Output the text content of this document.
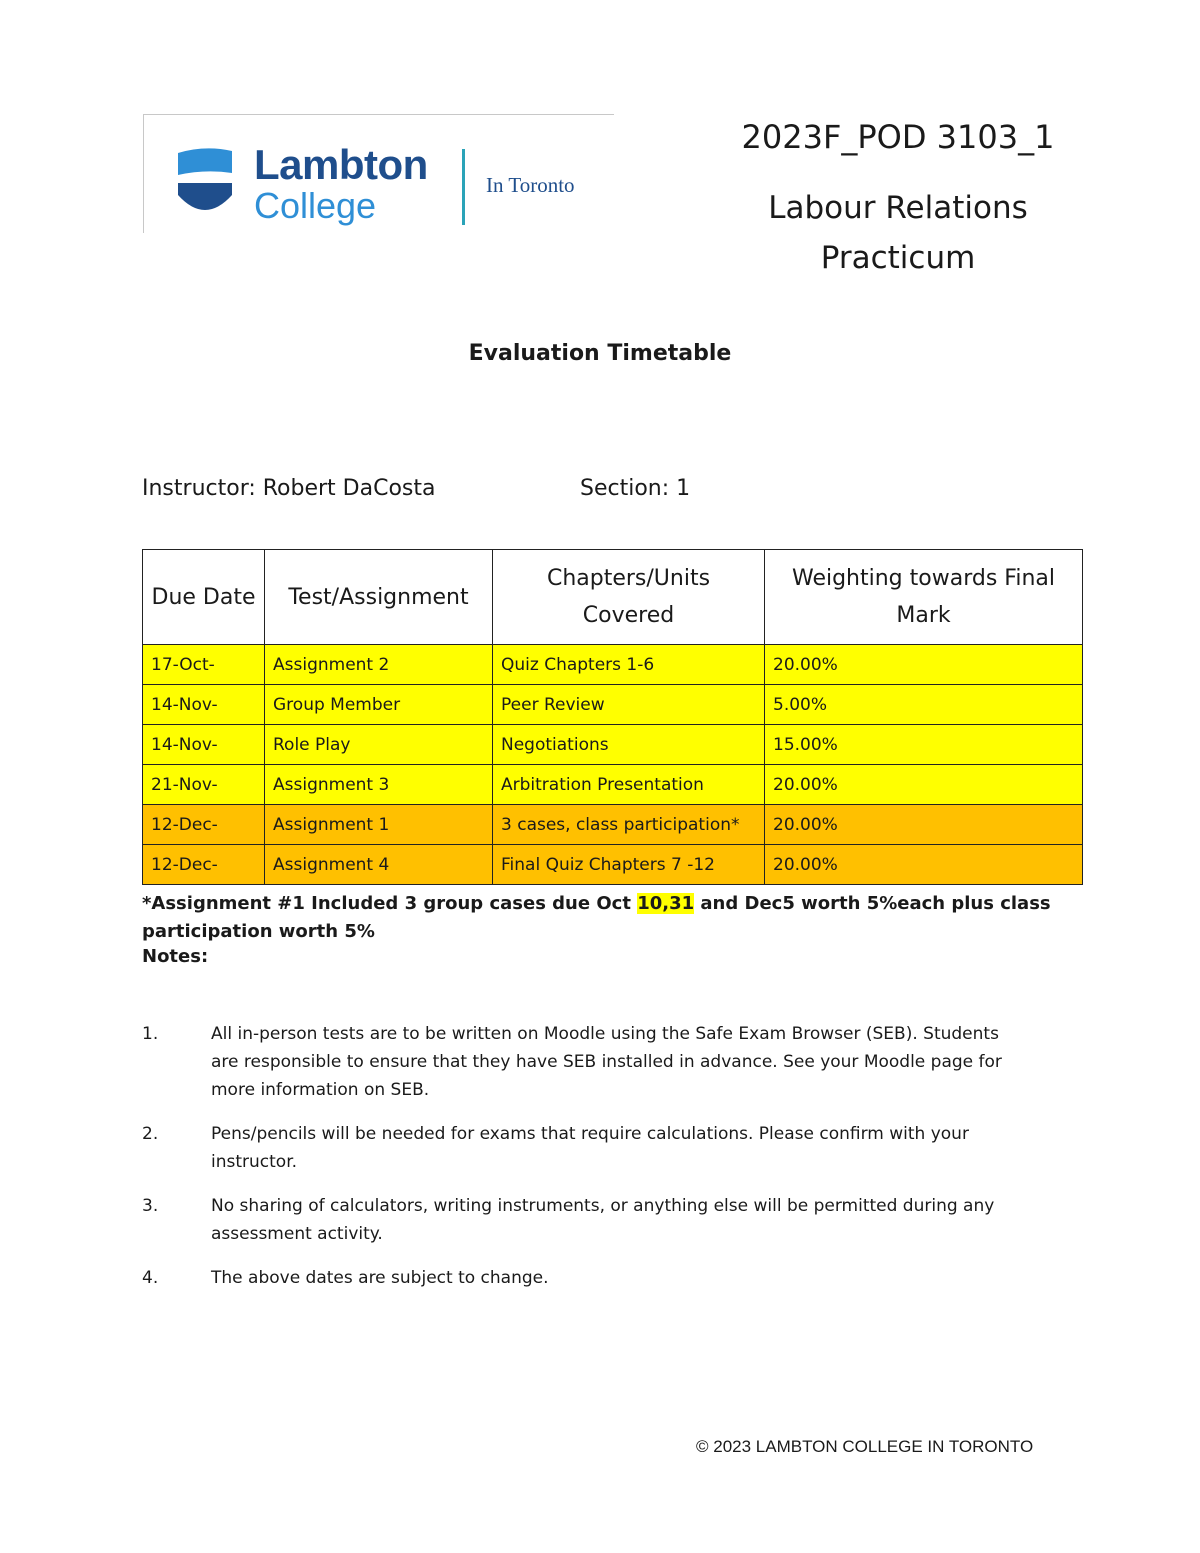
Lambton
College	In Toronto
2023F_POD 3103_1
Labour Relations
Practicum
Evaluation Timetable
Instructor: Robert DaCosta	Section: 1
Due Date	Test/Assignment	Chapters/Units Covered	Weighting towards Final Mark
17-Oct-	Assignment 2	Quiz Chapters 1-6	20.00%
14-Nov-	Group Member	Peer Review	5.00%
14-Nov-	Role Play	Negotiations	15.00%
21-Nov-	Assignment 3	Arbitration Presentation	20.00%
12-Dec-	Assignment 1	3 cases, class participation*	20.00%
12-Dec-	Assignment 4	Final Quiz Chapters 7 -12	20.00%
*Assignment #1 Included 3 group cases due Oct 10,31 and Dec5 worth 5%each plus class participation worth 5%
Notes:
1.	All in-person tests are to be written on Moodle using the Safe Exam Browser (SEB). Students are responsible to ensure that they have SEB installed in advance. See your Moodle page for more information on SEB.
2.	Pens/pencils will be needed for exams that require calculations. Please confirm with your instructor.
3.	No sharing of calculators, writing instruments, or anything else will be permitted during any assessment activity.
4.	The above dates are subject to change.
© 2023 LAMBTON COLLEGE IN TORONTO
